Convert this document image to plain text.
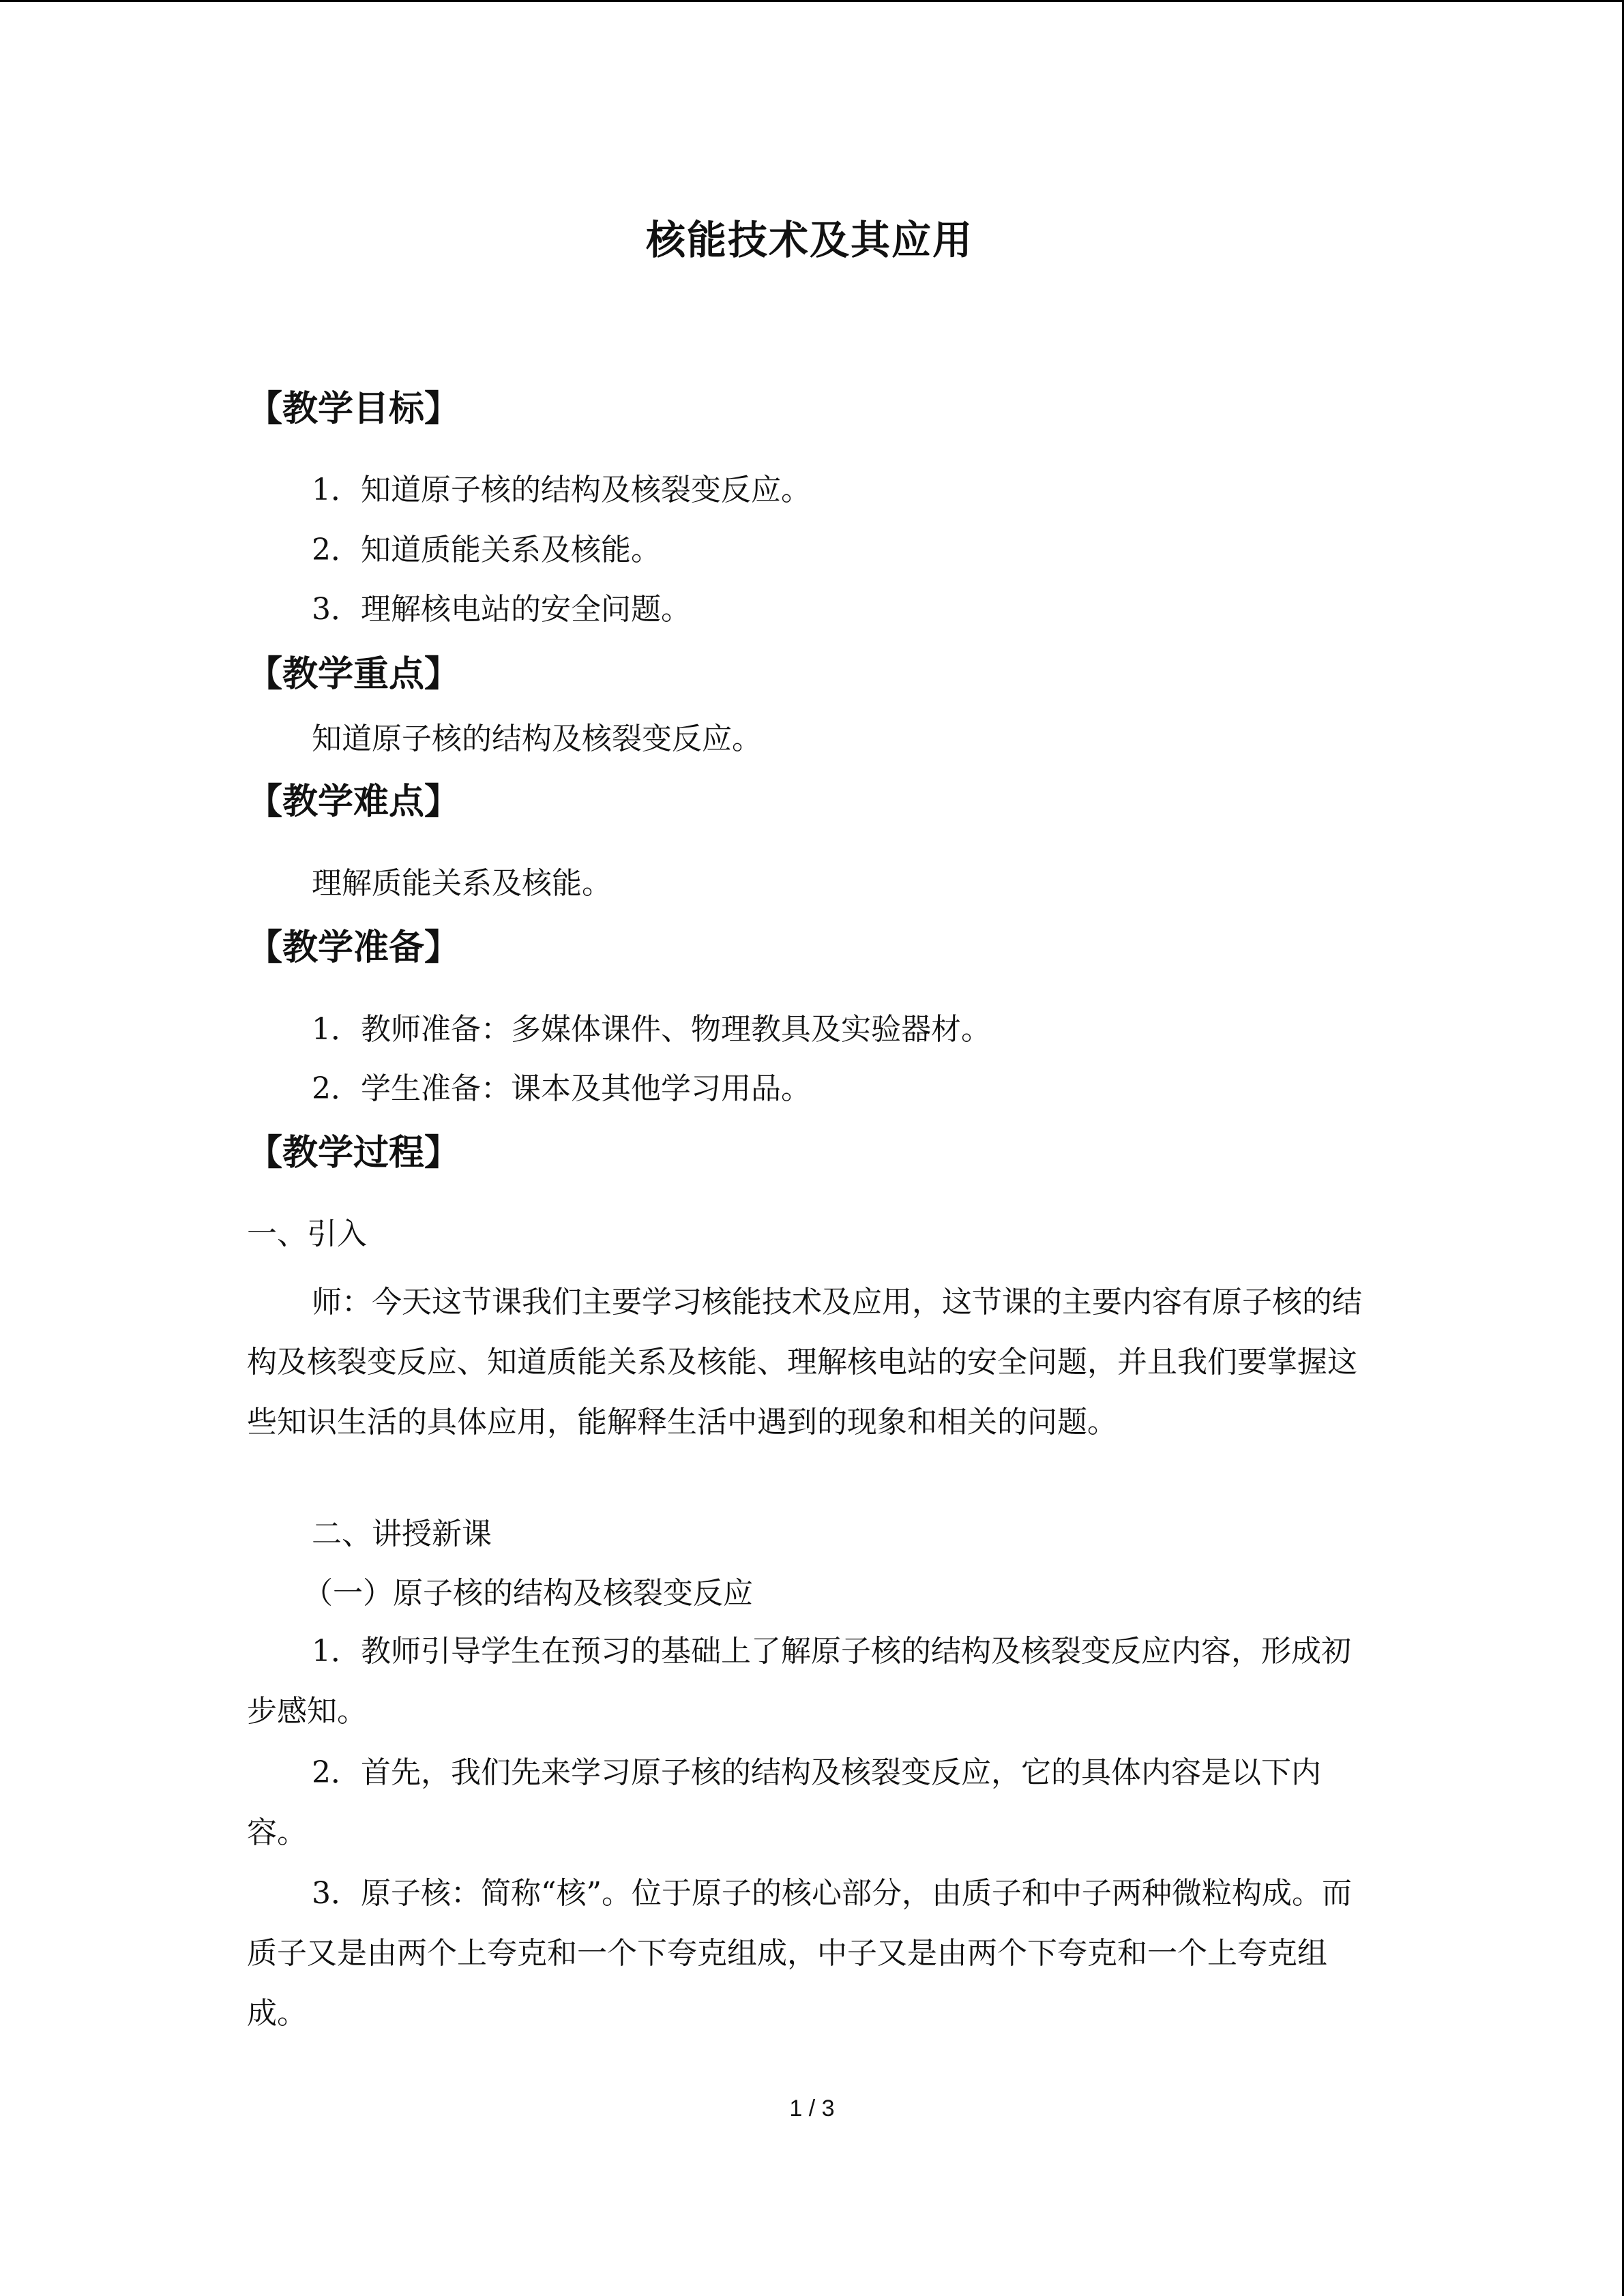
核能技术及其应用
【教学目标】
1．知道原子核的结构及核裂变反应。
2．知道质能关系及核能。
3．理解核电站的安全问题。
【教学重点】
知道原子核的结构及核裂变反应。
【教学难点】
理解质能关系及核能。
【教学准备】
1．教师准备：多媒体课件、物理教具及实验器材。
2．学生准备：课本及其他学习用品。
【教学过程】
一、引入

师：今天这节课我们主要学习核能技术及应用，这节课的主要内容有原子核的结构及核裂变反应、知道质能关系及核能、理解核电站的安全问题，并且我们要掌握这些知识生活的具体应用，能解释生活中遇到的现象和相关的问题。

二、讲授新课
（一）原子核的结构及核裂变反应

1．教师引导学生在预习的基础上了解原子核的结构及核裂变反应内容，形成初步感知。

2．首先，我们先来学习原子核的结构及核裂变反应，它的具体内容是以下内容。

3．原子核：简称“核”。位于原子的核心部分，由质子和中子两种微粒构成。而质子又是由两个上夸克和一个下夸克组成，中子又是由两个下夸克和一个上夸克组成。

1 / 3
